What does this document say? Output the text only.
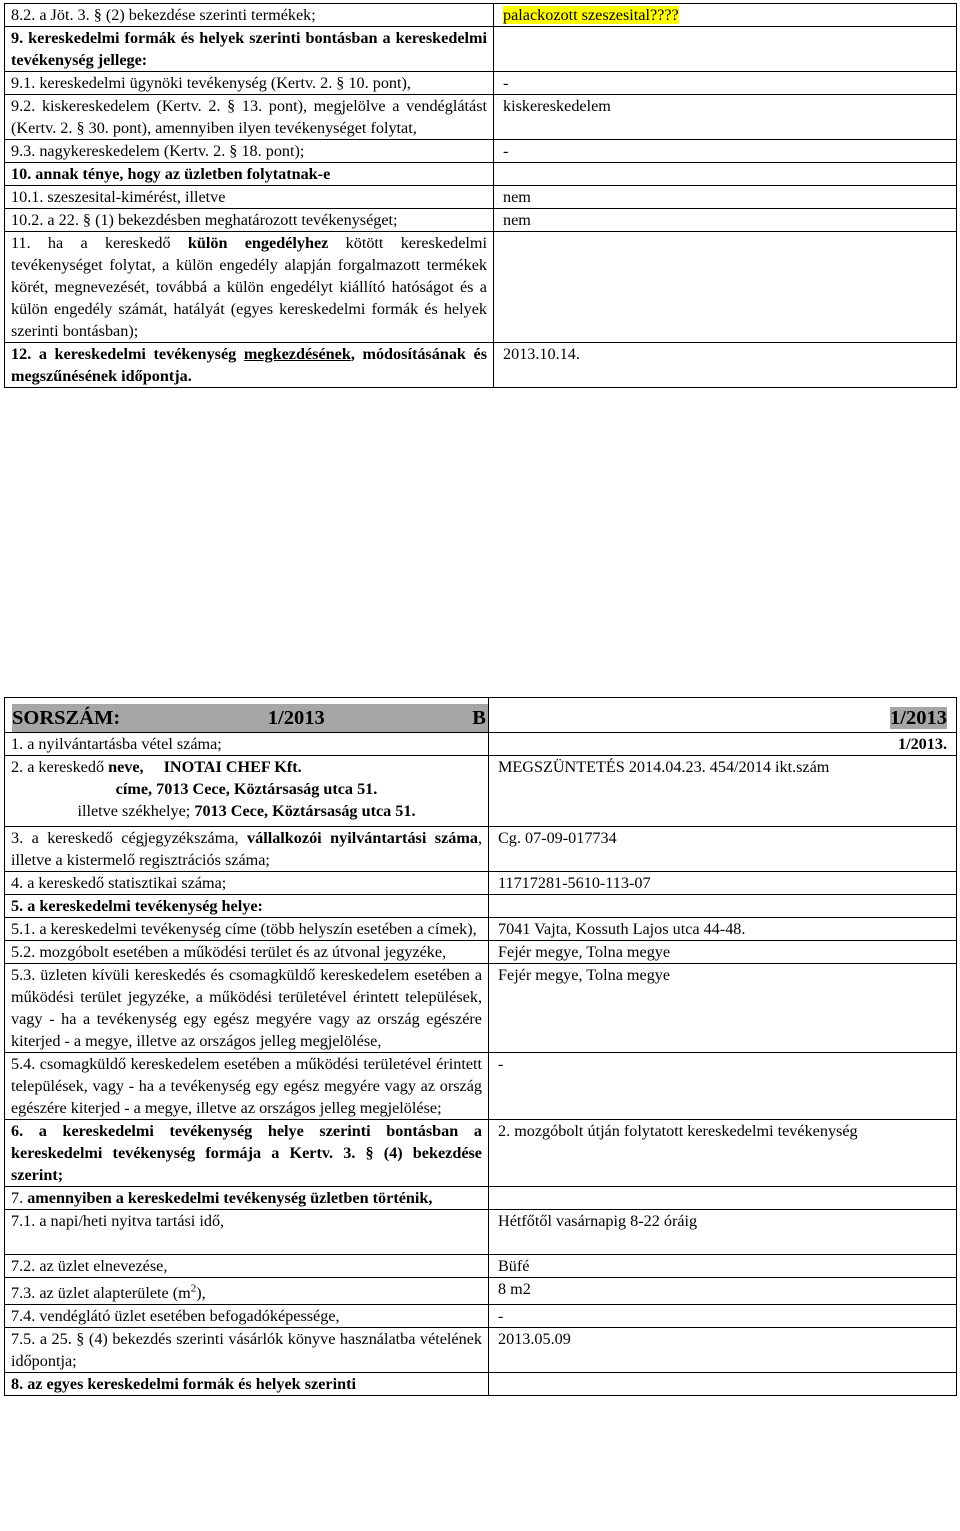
8.2. a Jöt. 3. § (2) bekezdése szerinti termékek;	palackozott szeszesital????
9. kereskedelmi formák és helyek szerinti bontásban a kereskedelmi tevékenység jellege:	
9.1. kereskedelmi ügynöki tevékenység (Kertv. 2. § 10. pont),	-
9.2. kiskereskedelem (Kertv. 2. § 13. pont), megjelölve a vendéglátást (Kertv. 2. § 30. pont), amennyiben ilyen tevékenységet folytat,	kiskereskedelem
9.3. nagykereskedelem (Kertv. 2. § 18. pont);	-
10. annak ténye, hogy az üzletben folytatnak-e	
10.1. szeszesital-kimérést, illetve	nem
10.2. a 22. § (1) bekezdésben meghatározott tevékenységet;	nem
11. ha a kereskedő külön engedélyhez kötött kereskedelmi tevékenységet folytat, a külön engedély alapján forgalmazott termékek körét, megnevezését, továbbá a külön engedélyt kiállító hatóságot és a külön engedély számát, hatályát (egyes kereskedelmi formák és helyek szerinti bontásban);	
12. a kereskedelmi tevékenység megkezdésének, módosításának és megszűnésének időpontja.	2013.10.14.
SORSZÁM: 1/2013 B	1/2013
1. a nyilvántartásba vétel száma;	1/2013.

2. a kereskedő neve, INOTAI CHEF Kft.
címe, 7013 Cece, Köztársaság utca 51.
illetve székhelye; 7013 Cece, Köztársaság utca 51.	MEGSZÜNTETÉS 2014.04.23. 454/2014 ikt.szám
3. a kereskedő cégjegyzékszáma, vállalkozói nyilvántartási száma, illetve a kistermelő regisztrációs száma;	Cg. 07-09-017734
4. a kereskedő statisztikai száma;	11717281-5610-113-07
5. a kereskedelmi tevékenység helye:	
5.1. a kereskedelmi tevékenység címe (több helyszín esetében a címek),	7041 Vajta, Kossuth Lajos utca 44-48.
5.2. mozgóbolt esetében a működési terület és az útvonal jegyzéke,	Fejér megye, Tolna megye
5.3. üzleten kívüli kereskedés és csomagküldő kereskedelem esetében a működési terület jegyzéke, a működési területével érintett települések, vagy - ha a tevékenység egy egész megyére vagy az ország egészére kiterjed - a megye, illetve az országos jelleg megjelölése,	Fejér megye, Tolna megye
5.4. csomagküldő kereskedelem esetében a működési területével érintett települések, vagy - ha a tevékenység egy egész megyére vagy az ország egészére kiterjed - a megye, illetve az országos jelleg megjelölése;	-
6. a kereskedelmi tevékenység helye szerinti bontásban a kereskedelmi tevékenység formája a Kertv. 3. § (4) bekezdése szerint;	2. mozgóbolt útján folytatott kereskedelmi tevékenység
7. amennyiben a kereskedelmi tevékenység üzletben történik,	
7.1. a napi/heti nyitva tartási idő,	Hétfőtől vasárnapig 8-22 óráig
7.2. az üzlet elnevezése,	Büfé
7.3. az üzlet alapterülete $(m^2)$,	8 m2
7.4. vendéglátó üzlet esetében befogadóképessége,	-
7.5. a 25. § (4) bekezdés szerinti vásárlók könyve használatba vételének időpontja;	2013.05.09
8. az egyes kereskedelmi formák és helyek szerinti	
